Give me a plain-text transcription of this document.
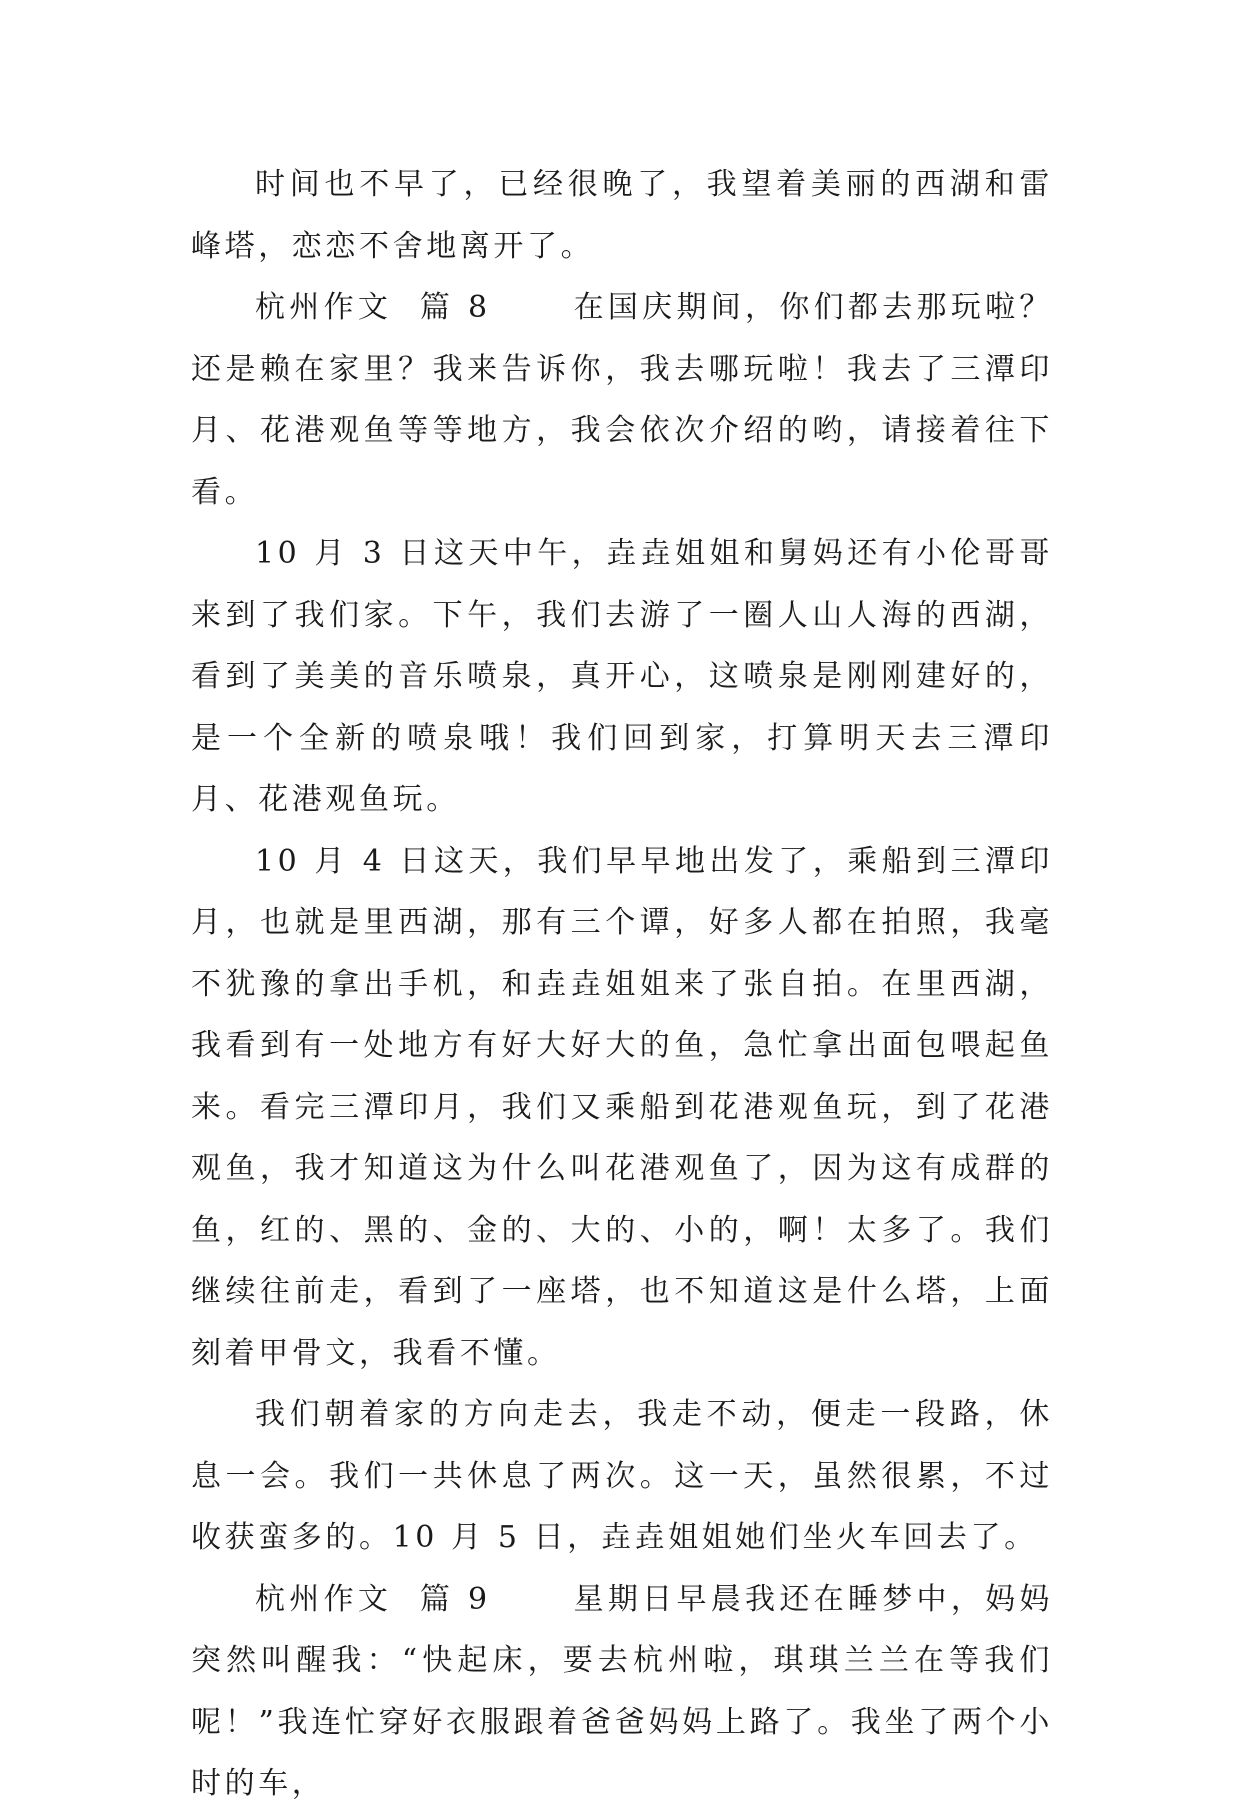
时间也不早了，已经很晚了，我望着美丽的西湖和雷峰塔，恋恋不舍地离开了。

杭州作文  篇 8      在国庆期间，你们都去那玩啦？还是赖在家里？我来告诉你，我去哪玩啦！我去了三潭印月、花港观鱼等等地方，我会依次介绍的哟，请接着往下看。

10 月 3 日这天中午，垚垚姐姐和舅妈还有小伦哥哥来到了我们家。下午，我们去游了一圈人山人海的西湖，看到了美美的音乐喷泉，真开心，这喷泉是刚刚建好的，是一个全新的喷泉哦！我们回到家，打算明天去三潭印月、花港观鱼玩。

10 月 4 日这天，我们早早地出发了，乘船到三潭印月，也就是里西湖，那有三个谭，好多人都在拍照，我毫不犹豫的拿出手机，和垚垚姐姐来了张自拍。在里西湖，我看到有一处地方有好大好大的鱼，急忙拿出面包喂起鱼来。看完三潭印月，我们又乘船到花港观鱼玩，到了花港观鱼，我才知道这为什么叫花港观鱼了，因为这有成群的鱼，红的、黑的、金的、大的、小的，啊！太多了。我们继续往前走，看到了一座塔，也不知道这是什么塔，上面刻着甲骨文，我看不懂。

我们朝着家的方向走去，我走不动，便走一段路，休息一会。我们一共休息了两次。这一天，虽然很累，不过收获蛮多的。10 月 5 日，垚垚姐姐她们坐火车回去了。

杭州作文  篇 9      星期日早晨我还在睡梦中，妈妈突然叫醒我：“快起床，要去杭州啦，琪琪兰兰在等我们呢！”我连忙穿好衣服跟着爸爸妈妈上路了。我坐了两个小时的车，
